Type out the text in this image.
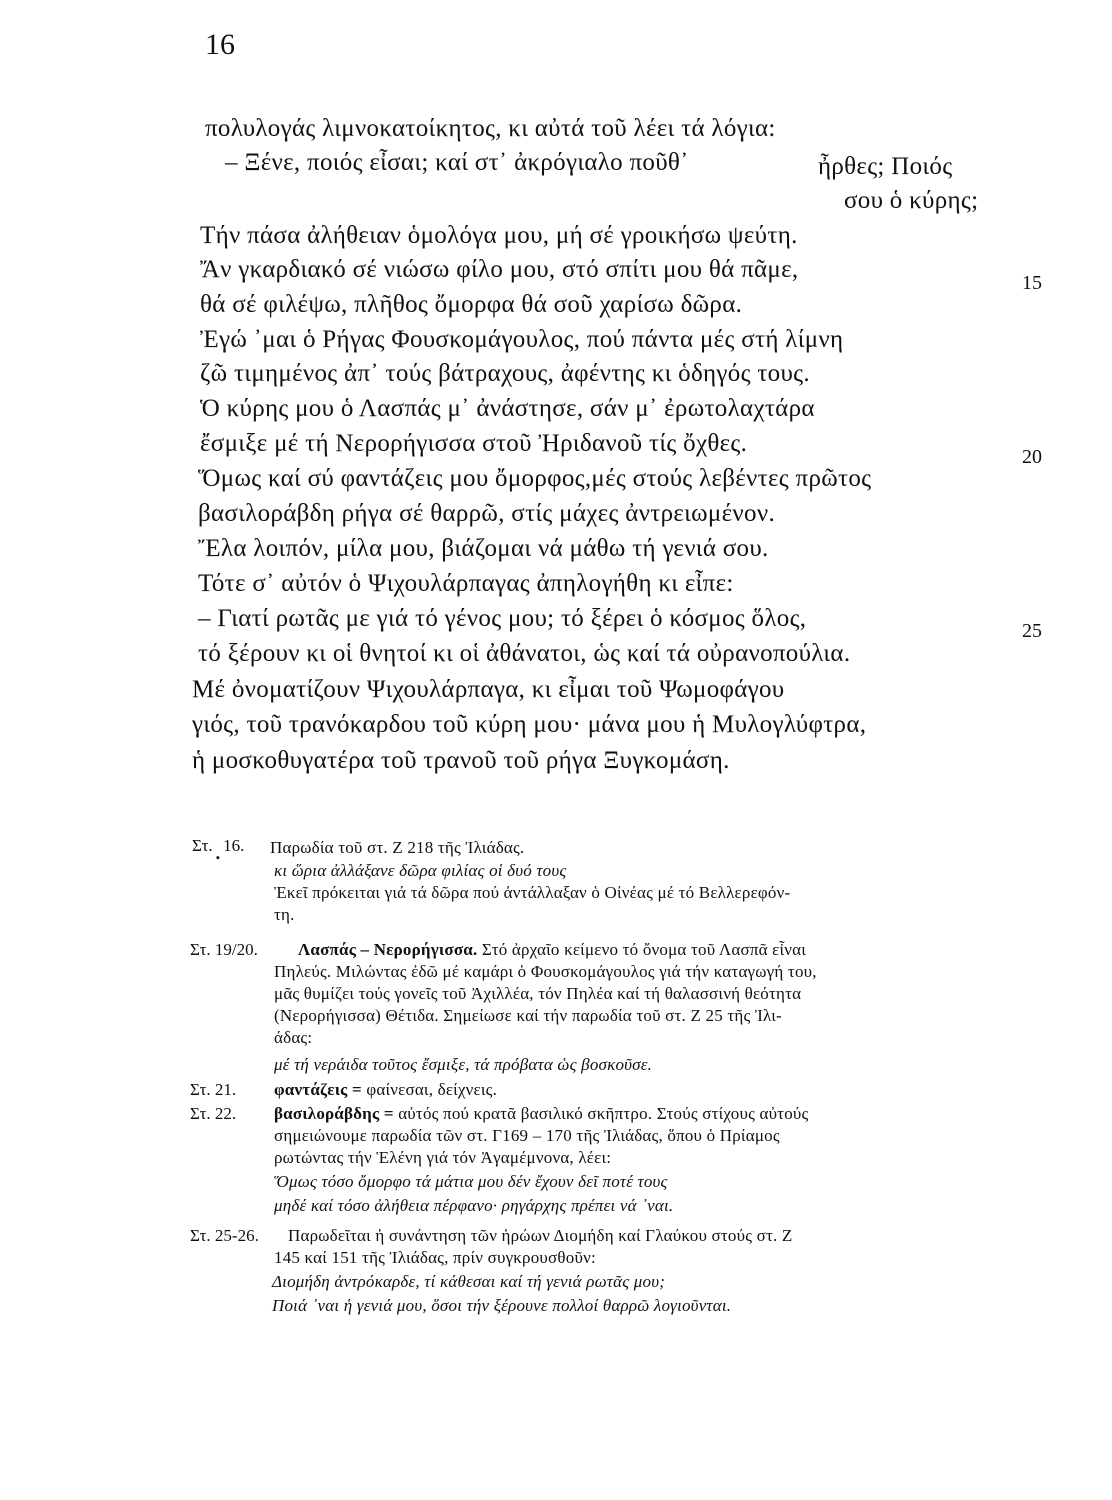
16
πολυλογάς λιμνοκατοίκητος, κι αὐτά τοῦ λέει τά λόγια:
– Ξένε, ποιός εἶσαι; καί στ᾽ ἀκρόγιαλο ποῦθ᾽	ἦρθες; Ποιός
σου ὁ κύρης;
Τήν πάσα ἀλήθειαν ὁμολόγα μου, μή σέ γροικήσω ψεύτη.
Ἄν γκαρδιακό σέ νιώσω φίλο μου, στό σπίτι μου θά πᾶμε,
θά σέ φιλέψω, πλῆθος ὄμορφα θά σοῦ χαρίσω δῶρα.
Ἐγώ ᾽μαι ὁ Ρήγας Φουσκομάγουλος, πού πάντα μές στή λίμνη
ζῶ τιμημένος ἀπ᾽ τούς βάτραχους, ἀφέντης κι ὁδηγός τους.
Ὁ κύρης μου ὁ Λασπάς μ᾽ ἀνάστησε, σάν μ᾽ ἐρωτολαχτάρα
ἔσμιξε μέ τή Νερορήγισσα στοῦ Ἠριδανοῦ τίς ὄχθες.
Ὅμως καί σύ φαντάζεις μου ὄμορφος,μές στούς λεβέντες πρῶτος
βασιλοράβδη ρήγα σέ θαρρῶ, στίς μάχες ἀντρειωμένον.
Ἔλα λοιπόν, μίλα μου, βιάζομαι νά μάθω τή γενιά σου.
Τότε σ᾽ αὐτόν ὁ Ψιχουλάρπαγας ἀπηλογήθη κι εἶπε:
– Γιατί ρωτᾶς με γιά τό γένος μου; τό ξέρει ὁ κόσμος ὅλος,
τό ξέρουν κι οἱ θνητοί κι οἱ ἀθάνατοι, ὡς καί τά οὐρανοπούλια.
Μέ ὀνοματίζουν Ψιχουλάρπαγα, κι εἶμαι τοῦ Ψωμοφάγου
γιός, τοῦ τρανόκαρδου τοῦ κύρη μου· μάνα μου ἡ Μυλογλύφτρα,
ἡ μοσκοθυγατέρα τοῦ τρανοῦ τοῦ ρήγα Ξυγκομάση.
15
20
25
Στ.. 16. Παρωδία τοῦ στ. Ζ 218 τῆς Ἰλιάδας.
κι ὥρια ἀλλάξανε δῶρα φιλίας οἱ δυό τους
Ἐκεῖ πρόκειται γιά τά δῶρα πού ἀντάλλαξαν ὁ Οἰνέας μέ τό Βελλερεφόν-
τη.
Στ. 19/20. Λασπάς – Νερορήγισσα. Στό ἀρχαῖο κείμενο τό ὄνομα τοῦ Λασπᾶ εἶναι
Πηλεύς. Μιλώντας ἐδῶ μέ καμάρι ὁ Φουσκομάγουλος γιά τήν καταγωγή του,
μᾶς θυμίζει τούς γονεῖς τοῦ Ἀχιλλέα, τόν Πηλέα καί τή θαλασσινή θεότητα
(Νερορήγισσα) Θέτιδα. Σημείωσε καί τήν παρωδία τοῦ στ. Ζ 25 τῆς Ἰλι-
άδας:
μέ τή νεράιδα τοῦτος ἔσμιξε, τά πρόβατα ὡς βοσκοῦσε.
Στ. 21. φαντάζεις = φαίνεσαι, δείχνεις.
Στ. 22. βασιλοράβδης = αὐτός πού κρατᾶ βασιλικό σκῆπτρο. Στούς στίχους αὐτούς
σημειώνουμε παρωδία τῶν στ. Γ169 – 170 τῆς Ἰλιάδας, ὅπου ὁ Πρίαμος
ρωτώντας τήν Ἑλένη γιά τόν Ἀγαμέμνονα, λέει:
Ὅμως τόσο ὄμορφο τά μάτια μου δέν ἔχουν δεῖ ποτέ τους
μηδέ καί τόσο ἀλήθεια πέρφανο· ρηγάρχης πρέπει νά ᾽ναι.
Στ. 25-26. Παρωδεῖται ἡ συνάντηση τῶν ἡρώων Διομήδη καί Γλαύκου στούς στ. Ζ
145 καί 151 τῆς Ἰλιάδας, πρίν συγκρουσθοῦν:
Διομήδη ἀντρόκαρδε, τί κάθεσαι καί τή γενιά ρωτᾶς μου;
Ποιά ᾽ναι ἡ γενιά μου, ὅσοι τήν ξέρουνε πολλοί θαρρῶ λογιοῦνται.
